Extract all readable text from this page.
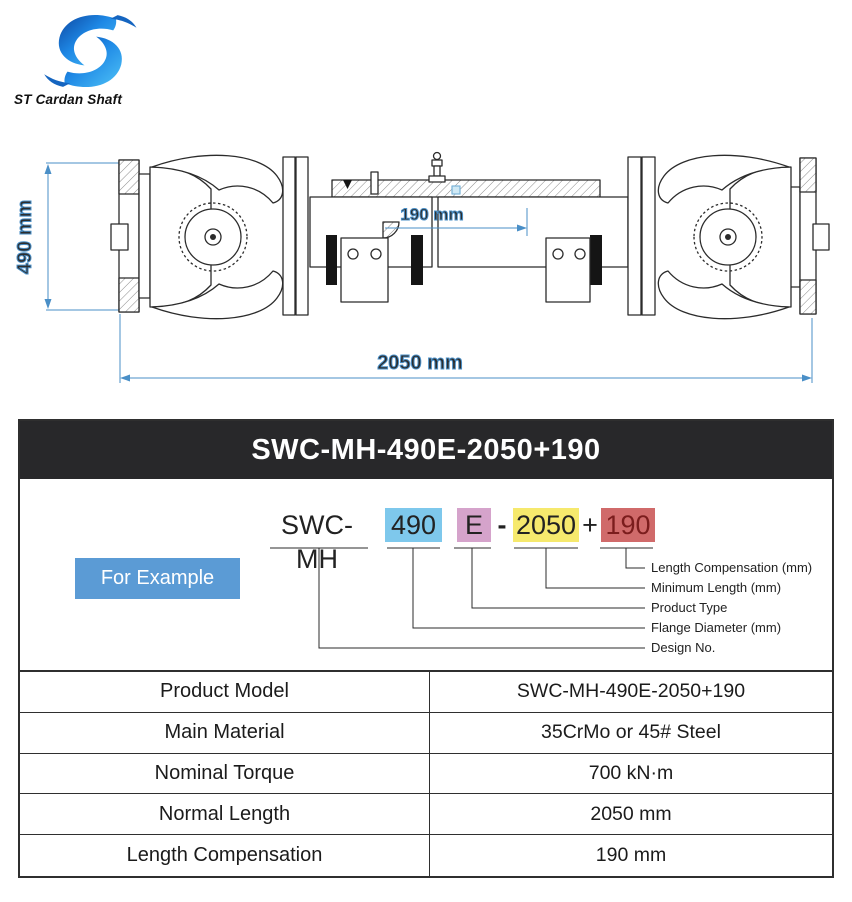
ST Cardan Shaft
490 mm	190 mm
2050 mm
SWC-MH-490E-2050+190
Length Compensation (mm)
Minimum Length (mm)
Product Type
Flange Diameter (mm)
Design No.
SWC-MH
490 E - 2050 + 190
For Example
Product Model	SWC-MH-490E-2050+190
Main Material	35CrMo or 45# Steel
Nominal Torque	700 kN·m
Normal Length	2050 mm
Length Compensation	190 mm
